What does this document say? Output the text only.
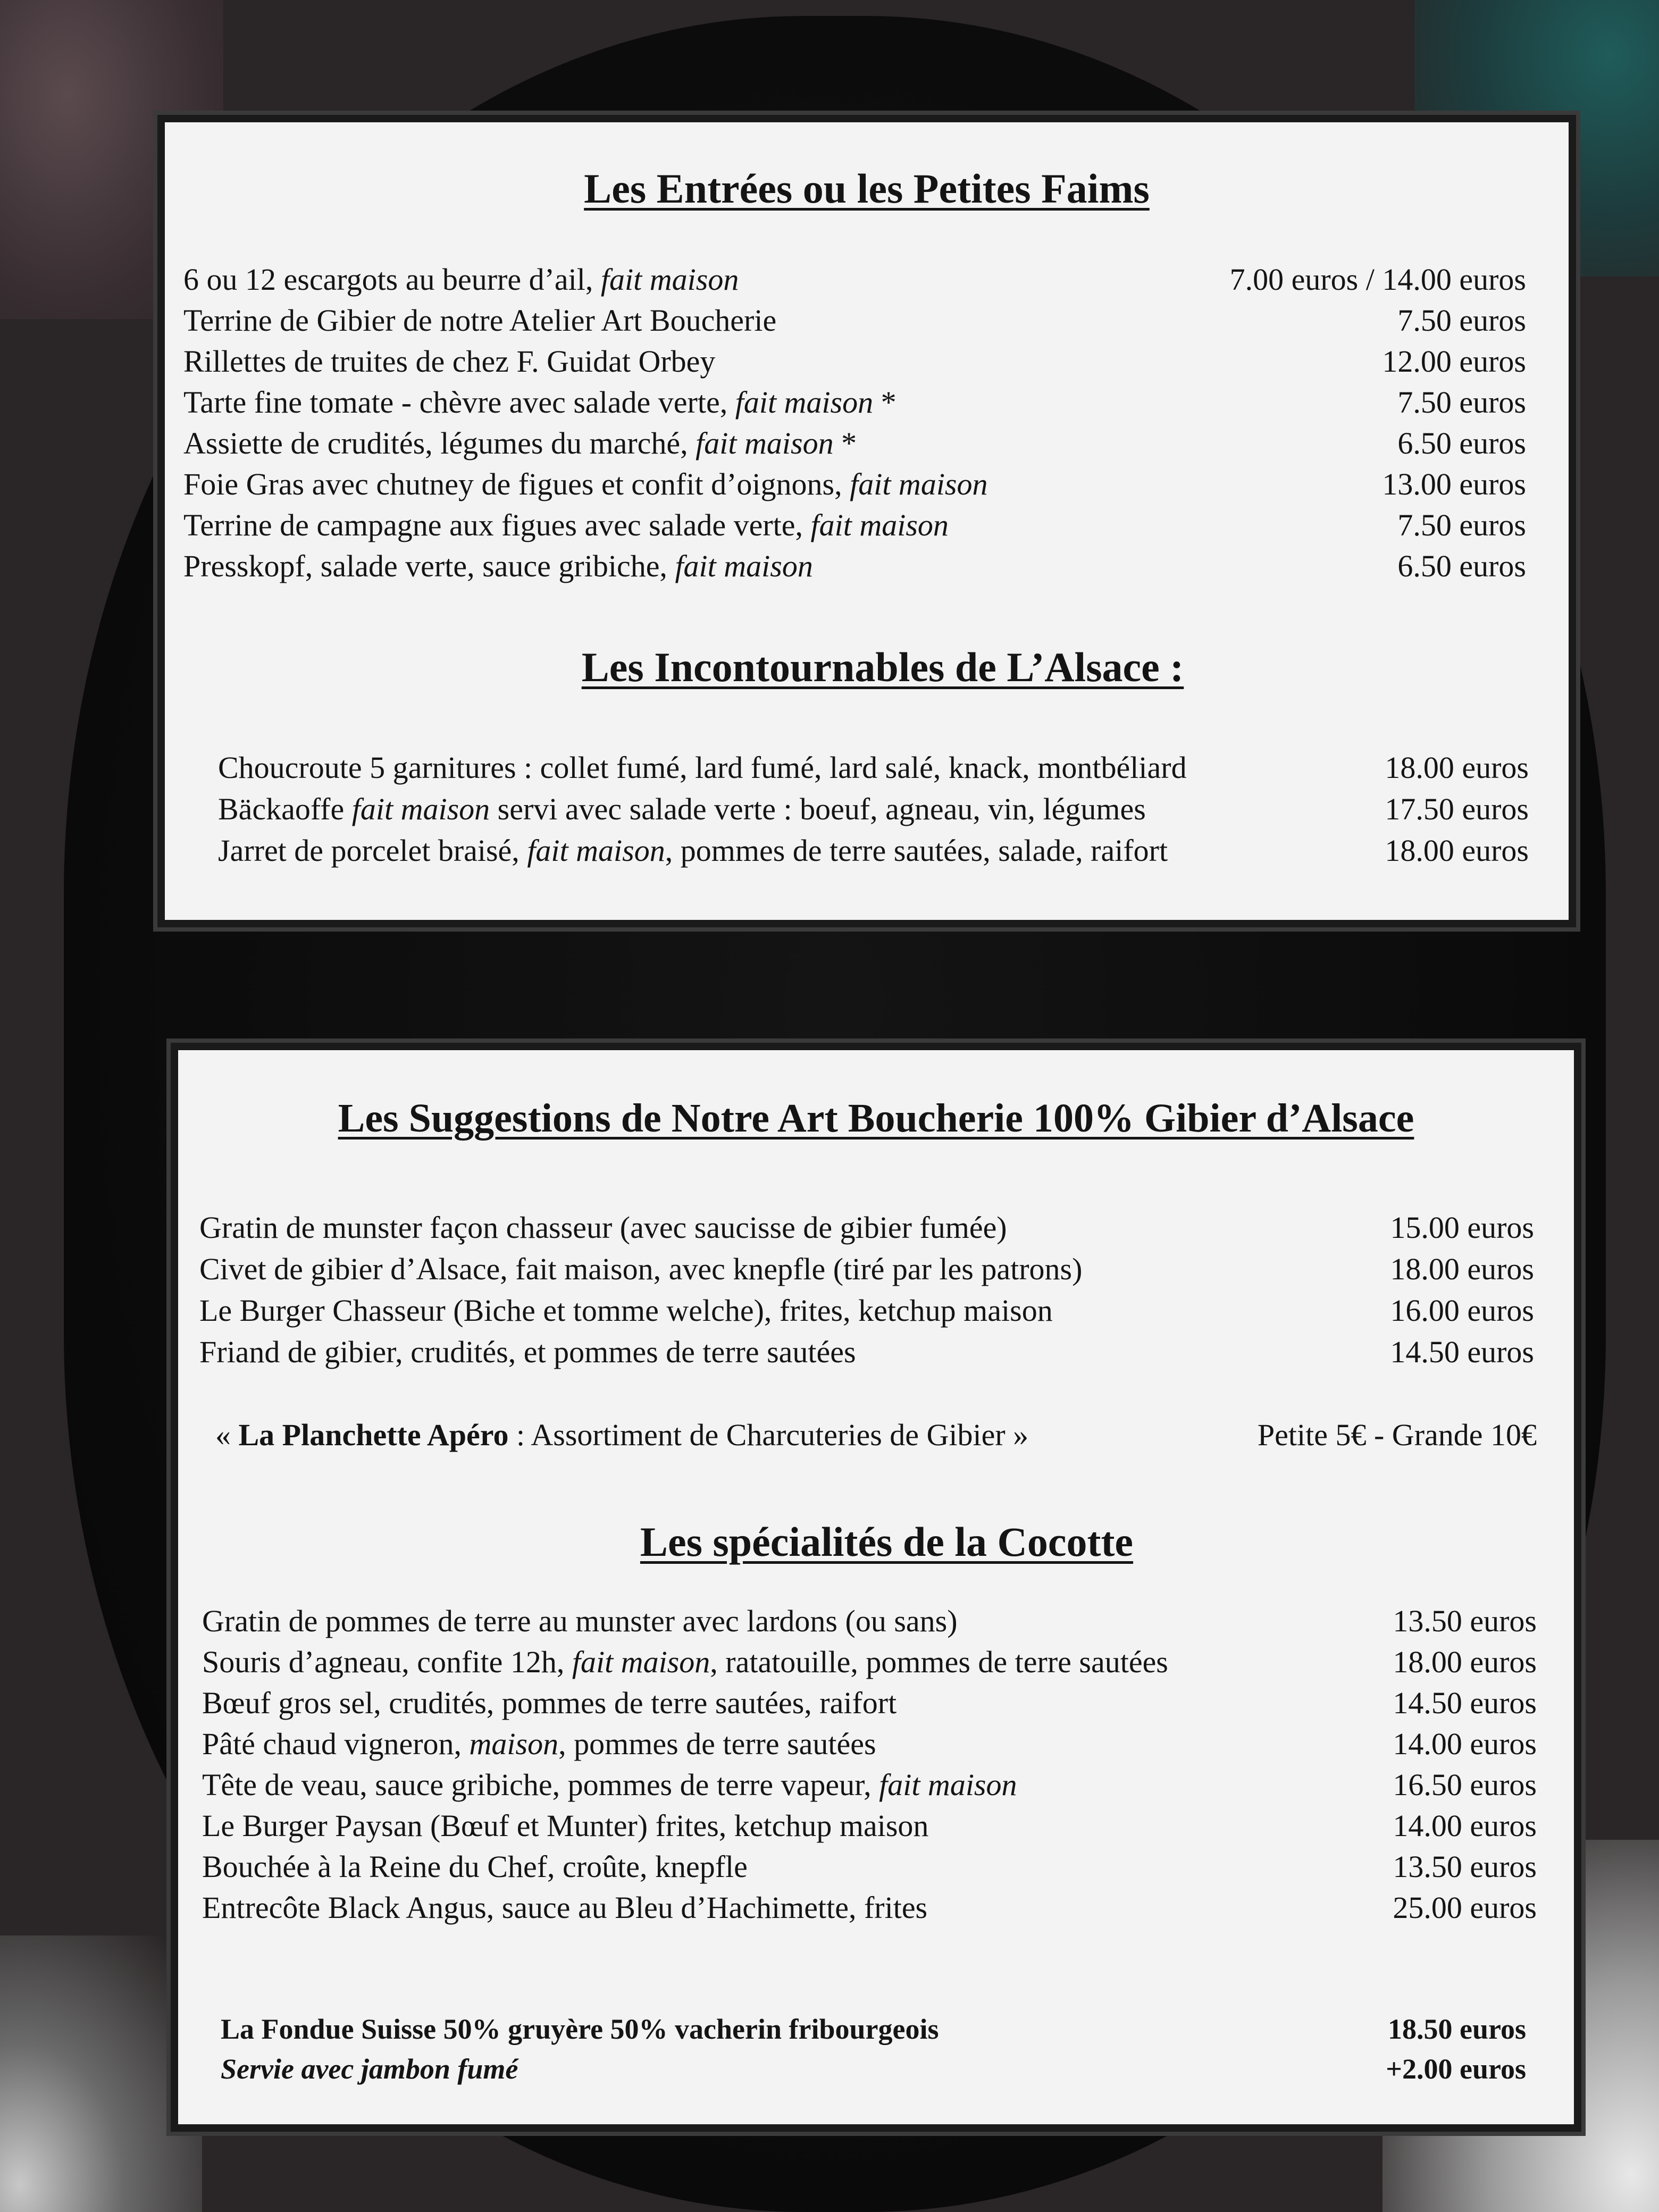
Les Entrées ou les Petites Faims
6 ou 12 escargots au beurre d’ail, fait maison	7.00 euros / 14.00 euros
Terrine de Gibier de notre Atelier Art Boucherie	7.50 euros
Rillettes de truites de chez F. Guidat Orbey	12.00 euros
Tarte fine tomate - chèvre avec salade verte, fait maison *	7.50 euros
Assiette de crudités, légumes du marché, fait maison *	6.50 euros
Foie Gras avec chutney de figues et confit d’oignons, fait maison	13.00 euros
Terrine de campagne aux figues avec salade verte, fait maison	7.50 euros
Presskopf, salade verte, sauce gribiche, fait maison	6.50 euros
Les Incontournables de L’Alsace :
Choucroute 5 garnitures : collet fumé, lard fumé, lard salé, knack, montbéliard	18.00 euros
Bäckaoffe fait maison servi avec salade verte : boeuf, agneau, vin, légumes	17.50 euros
Jarret de porcelet braisé, fait maison, pommes de terre sautées, salade, raifort	18.00 euros
Les Suggestions de Notre Art Boucherie 100% Gibier d’Alsace
Gratin de munster façon chasseur (avec saucisse de gibier fumée)	15.00 euros
Civet de gibier d’Alsace, fait maison, avec knepfle (tiré par les patrons)	18.00 euros
Le Burger Chasseur (Biche et tomme welche), frites, ketchup maison	16.00 euros
Friand de gibier, crudités, et pommes de terre sautées	14.50 euros
« La Planchette Apéro : Assortiment de Charcuteries de Gibier »	Petite 5€ - Grande 10€
Les spécialités de la Cocotte
Gratin de pommes de terre au munster avec lardons (ou sans)	13.50 euros
Souris d’agneau, confite 12h, fait maison, ratatouille, pommes de terre sautées	18.00 euros
Bœuf gros sel, crudités, pommes de terre sautées, raifort	14.50 euros
Pâté chaud vigneron, maison, pommes de terre sautées	14.00 euros
Tête de veau, sauce gribiche, pommes de terre vapeur, fait maison	16.50 euros
Le Burger Paysan (Bœuf et Munter) frites, ketchup maison	14.00 euros
Bouchée à la Reine du Chef, croûte, knepfle	13.50 euros
Entrecôte Black Angus, sauce au Bleu d’Hachimette, frites	25.00 euros
La Fondue Suisse 50% gruyère 50% vacherin fribourgeois	18.50 euros
Servie avec jambon fumé	+2.00 euros
